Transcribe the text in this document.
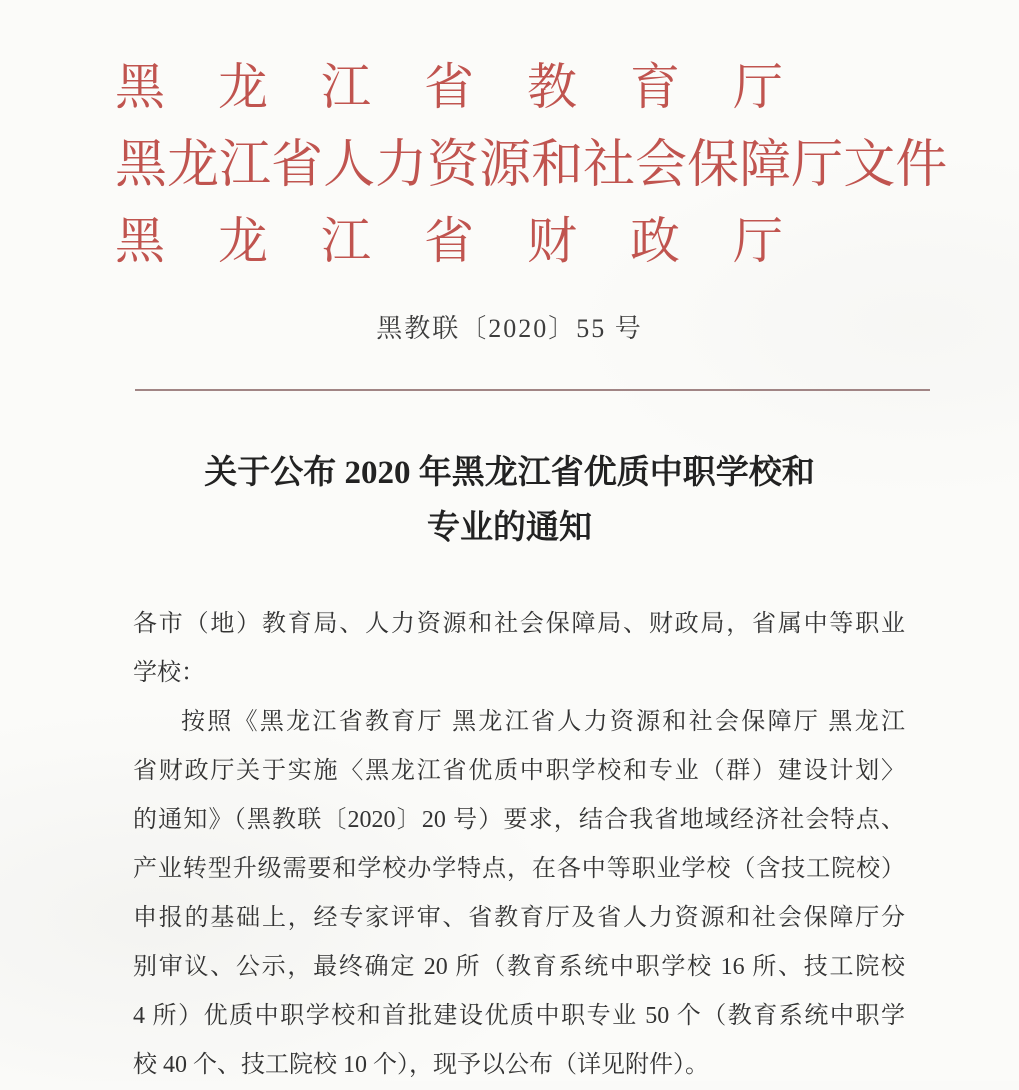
黑 龙 江 省 教 育 厅
黑 龙 江 省 人 力 资 源 和 社 会 保 障 厅 文 件
黑 龙 江 省 财 政 厅
黑教联〔2020〕55 号
关于公布 2020 年黑龙江省优质中职学校和
专业的通知
各市（地）教育局、人力资源和社会保障局、财政局，省属中等职业
学校：
按照《黑龙江省教育厅 黑龙江省人力资源和社会保障厅 黑龙江
省财政厅关于实施〈黑龙江省优质中职学校和专业（群）建设计划〉
的通知》（黑教联〔2020〕20 号）要求，结合我省地域经济社会特点、
产业转型升级需要和学校办学特点，在各中等职业学校（含技工院校）
申报的基础上，经专家评审、省教育厅及省人力资源和社会保障厅分
别审议、公示，最终确定 20 所（教育系统中职学校 16 所、技工院校
4 所）优质中职学校和首批建设优质中职专业 50 个（教育系统中职学
校 40 个、技工院校 10 个），现予以公布（详见附件）。
